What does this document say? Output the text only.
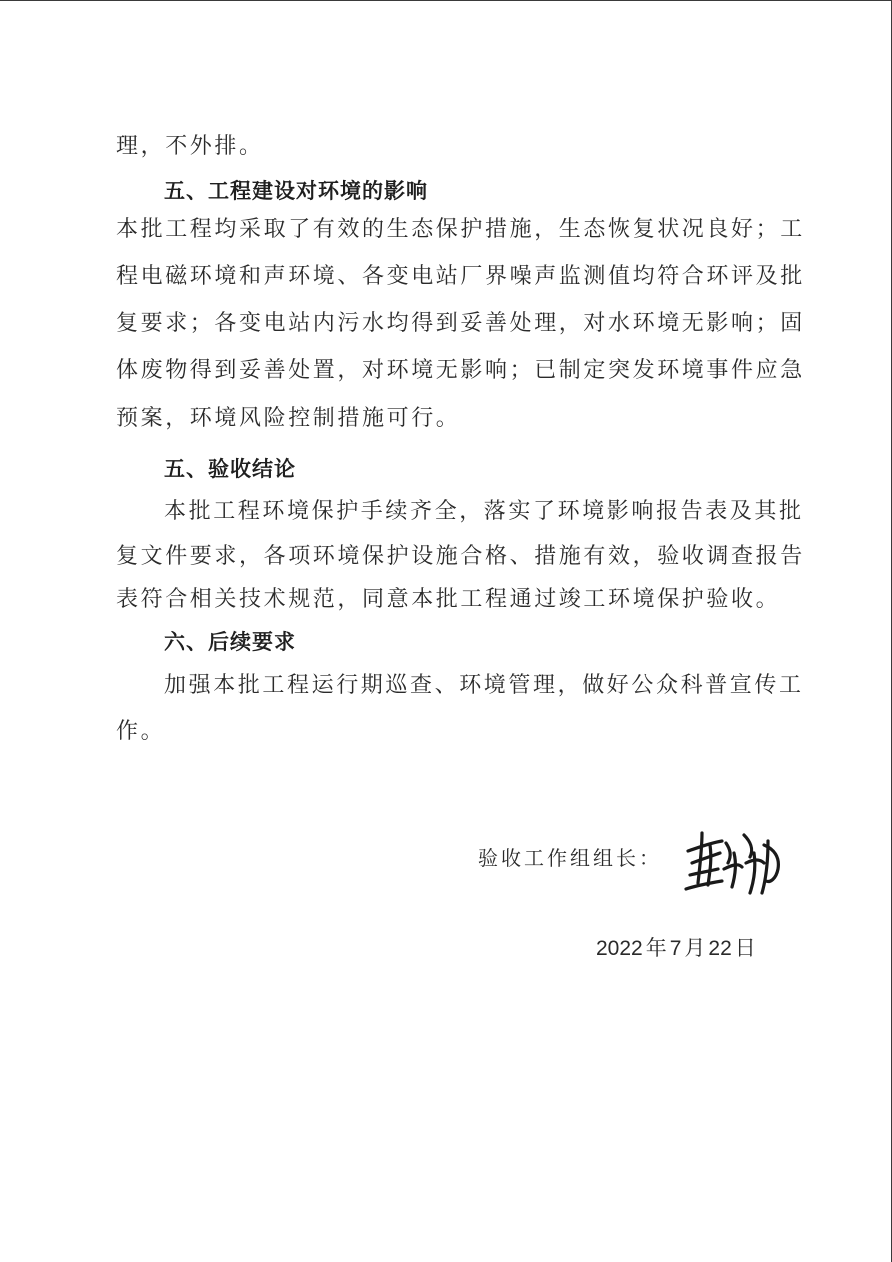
理，不外排。
五、工程建设对环境的影响
本批工程均采取了有效的生态保护措施，生态恢复状况良好；工
程电磁环境和声环境、各变电站厂界噪声监测值均符合环评及批
复要求；各变电站内污水均得到妥善处理，对水环境无影响；固
体废物得到妥善处置，对环境无影响；已制定突发环境事件应急
预案，环境风险控制措施可行。
五、验收结论
本批工程环境保护手续齐全，落实了环境影响报告表及其批
复文件要求，各项环境保护设施合格、措施有效，验收调查报告
表符合相关技术规范，同意本批工程通过竣工环境保护验收。
六、后续要求
加强本批工程运行期巡查、环境管理，做好公众科普宣传工
作。
验收工作组组长：
2022 年 7 月 22 日
